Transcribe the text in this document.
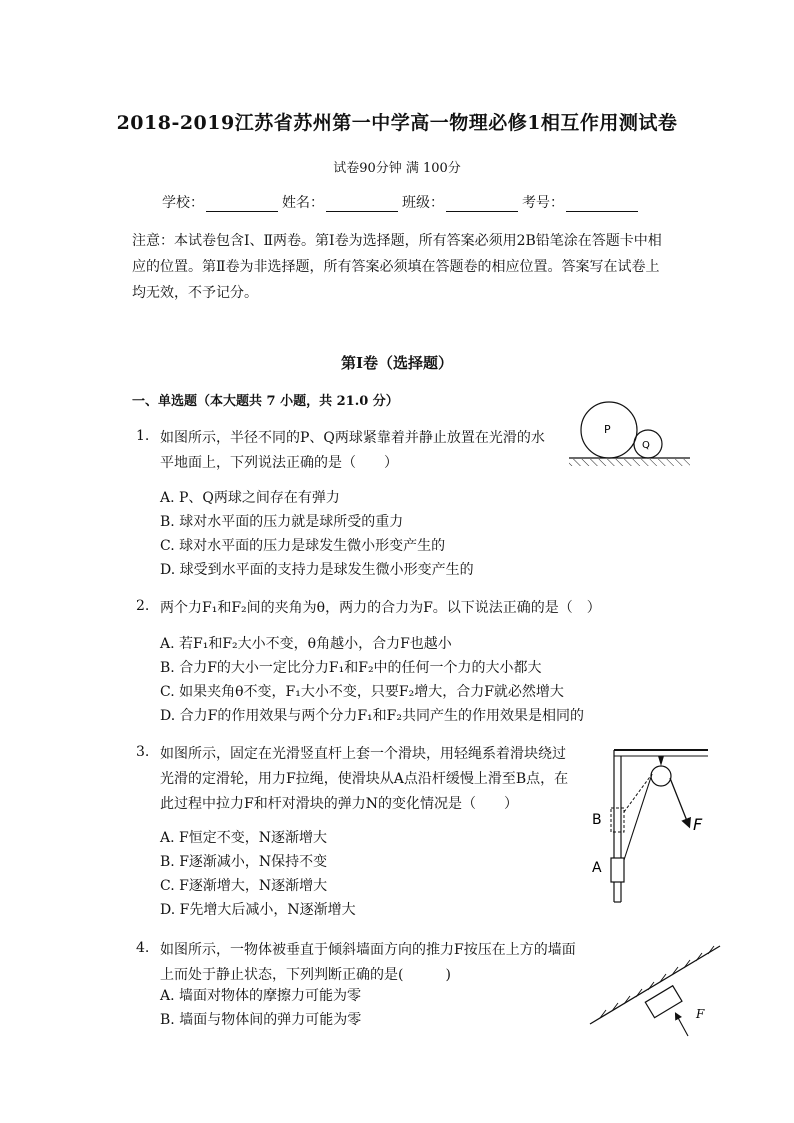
2018-2019江苏省苏州第一中学高一物理必修1相互作用测试卷
试卷90分钟 满 100分
学校：	姓名：	班级：	考号：
注意：本试卷包含Ⅰ、Ⅱ两卷。第Ⅰ卷为选择题，所有答案必须用2B铅笔涂在答题卡中相应的位置。第Ⅱ卷为非选择题，所有答案必须填在答题卷的相应位置。答案写在试卷上均无效，不予记分。
第Ⅰ卷（选择题）
一、单选题（本大题共 7 小题，共 21.0 分）
1. 如图所示，半径不同的P、Q两球紧靠着并静止放置在光滑的水平地面上，下列说法正确的是（　　）
A. P、Q两球之间存在有弹力
B. 球对水平面的压力就是球所受的重力
C. 球对水平面的压力是球发生微小形变产生的
D. 球受到水平面的支持力是球发生微小形变产生的
P
Q
2. 两个力F₁和F₂间的夹角为θ，两力的合力为F。以下说法正确的是（　）
A. 若F₁和F₂大小不变，θ角越小，合力F也越小
B. 合力F的大小一定比分力F₁和F₂中的任何一个力的大小都大
C. 如果夹角θ不变，F₁大小不变，只要F₂增大，合力F就必然增大
D. 合力F的作用效果与两个分力F₁和F₂共同产生的作用效果是相同的
3. 如图所示，固定在光滑竖直杆上套一个滑块，用轻绳系着滑块绕过光滑的定滑轮，用力F拉绳，使滑块从A点沿杆缓慢上滑至B点，在此过程中拉力F和杆对滑块的弹力N的变化情况是（　　）
A. F恒定不变，N逐渐增大
B. F逐渐减小，N保持不变
C. F逐渐增大，N逐渐增大
D. F先增大后减小，N逐渐增大
B
A
F
4. 如图所示，一物体被垂直于倾斜墙面方向的推力F按压在上方的墙面上而处于静止状态，下列判断正确的是(　　　)
A. 墙面对物体的摩擦力可能为零
B. 墙面与物体间的弹力可能为零	F
